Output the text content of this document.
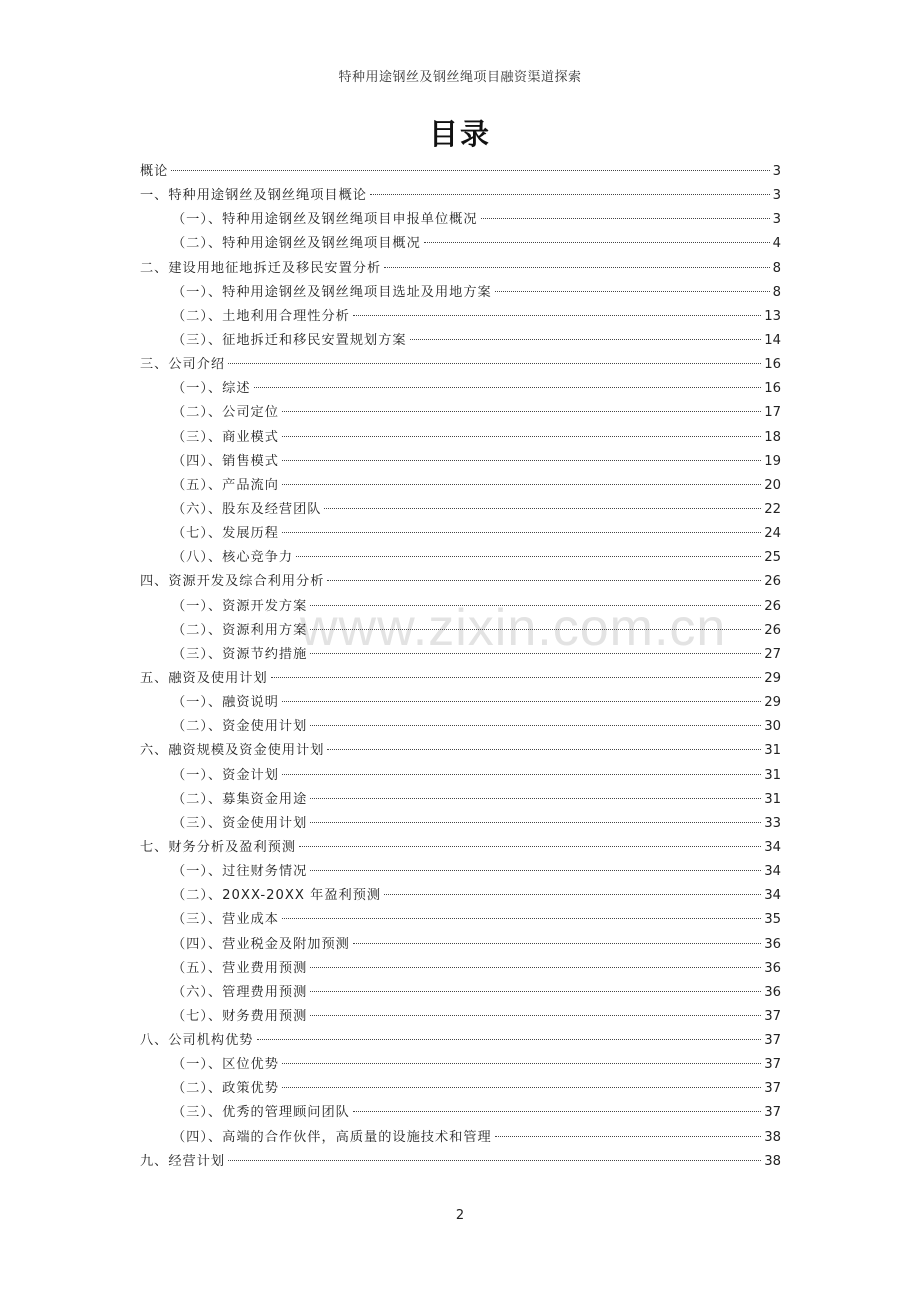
特种用途钢丝及钢丝绳项目融资渠道探索
目录
www.zixin.com.cn
概论	3
一、特种用途钢丝及钢丝绳项目概论	3
（一）、特种用途钢丝及钢丝绳项目申报单位概况	3
（二）、特种用途钢丝及钢丝绳项目概况	4
二、建设用地征地拆迁及移民安置分析	8
（一）、特种用途钢丝及钢丝绳项目选址及用地方案	8
（二）、土地利用合理性分析	13
（三）、征地拆迁和移民安置规划方案	14
三、公司介绍	16
（一）、综述	16
（二）、公司定位	17
（三）、商业模式	18
（四）、销售模式	19
（五）、产品流向	20
（六）、股东及经营团队	22
（七）、发展历程	24
（八）、核心竞争力	25
四、资源开发及综合利用分析	26
（一）、资源开发方案	26
（二）、资源利用方案	26
（三）、资源节约措施	27
五、融资及使用计划	29
（一）、融资说明	29
（二）、资金使用计划	30
六、融资规模及资金使用计划	31
（一）、资金计划	31
（二）、募集资金用途	31
（三）、资金使用计划	33
七、财务分析及盈利预测	34
（一）、过往财务情况	34
（二）、20XX-20XX 年盈利预测	34
（三）、营业成本	35
（四）、营业税金及附加预测	36
（五）、营业费用预测	36
（六）、管理费用预测	36
（七）、财务费用预测	37
八、公司机构优势	37
（一）、区位优势	37
（二）、政策优势	37
（三）、优秀的管理顾问团队	37
（四）、高端的合作伙伴，高质量的设施技术和管理	38
九、经营计划	38
2
